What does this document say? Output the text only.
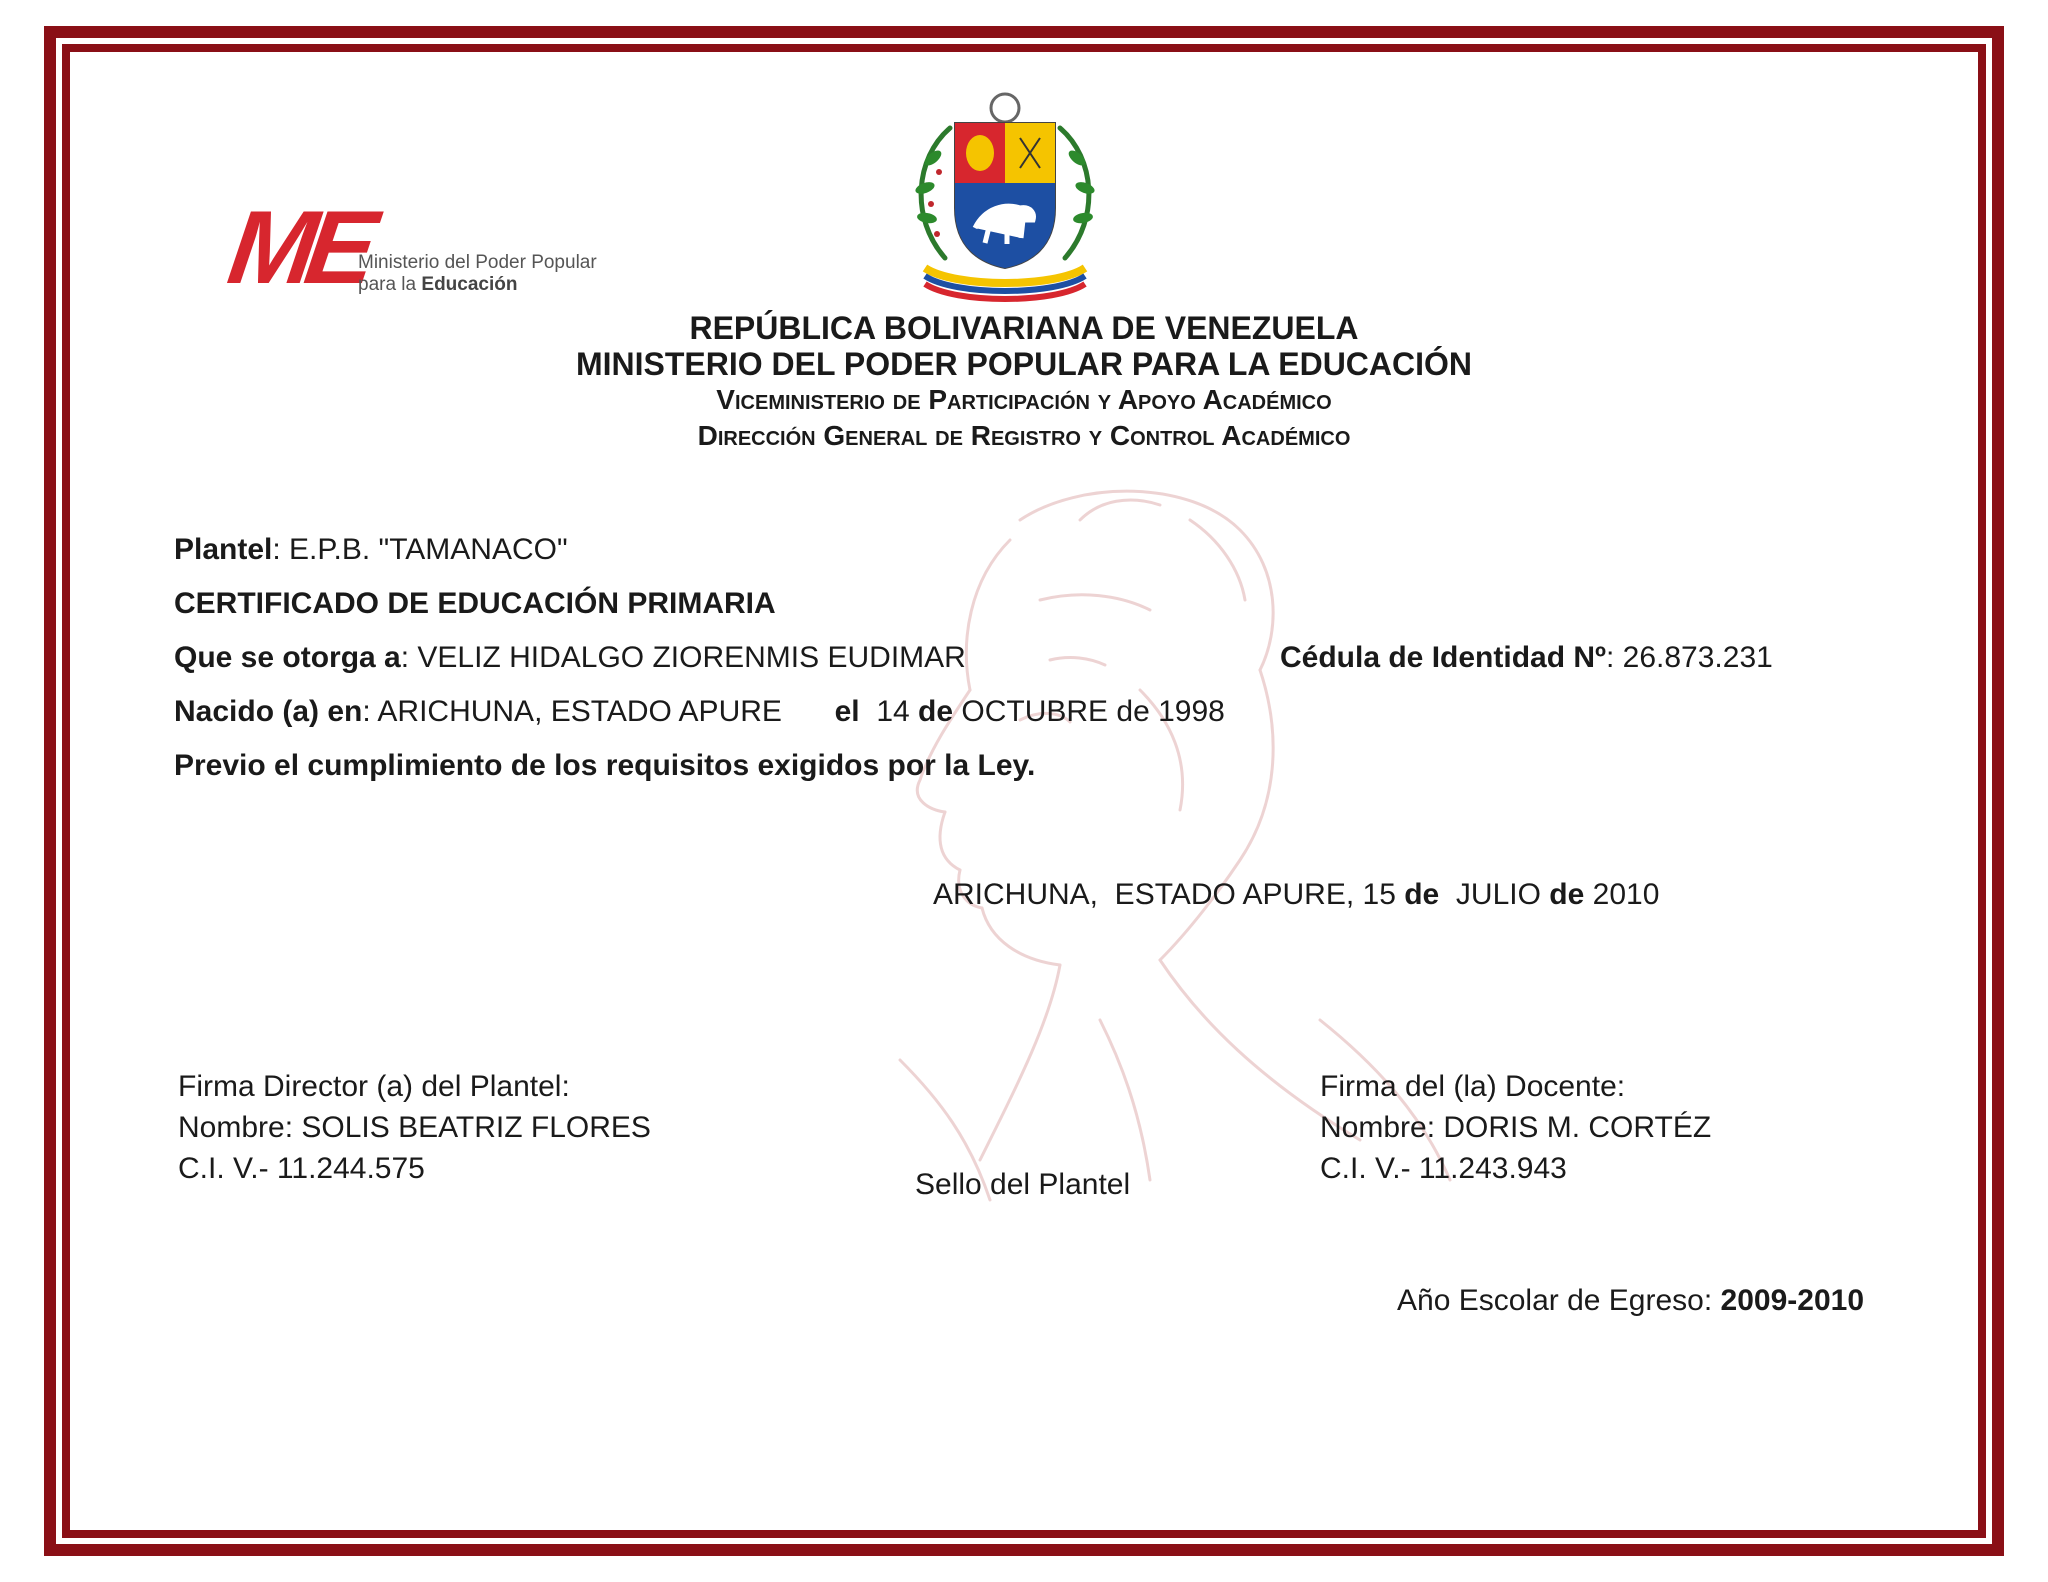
ME
Ministerio del Poder Popular
para la Educación
REPÚBLICA BOLIVARIANA DE VENEZUELA
MINISTERIO DEL PODER POPULAR PARA LA EDUCACIÓN
Viceministerio de Participación y Apoyo Académico
Dirección General de Registro y Control Académico
Plantel: E.P.B. "TAMANACO"
CERTIFICADO DE EDUCACIÓN PRIMARIA
Que se otorga a: VELIZ HIDALGO ZIORENMIS EUDIMAR	Cédula de Identidad Nº: 26.873.231
Nacido (a) en: ARICHUNA, ESTADO APURE el 14 de OCTUBRE de 1998
Previo el cumplimiento de los requisitos exigidos por la Ley.
ARICHUNA,  ESTADO APURE, 15 de JULIO de 2010
Firma Director (a) del Plantel:
Nombre: SOLIS BEATRIZ FLORES
C.I. V.- 11.244.575	Sello del Plantel
Firma del (la) Docente:
Nombre: DORIS M. CORTÉZ
C.I. V.- 11.243.943
Año Escolar de Egreso: 2009-2010
